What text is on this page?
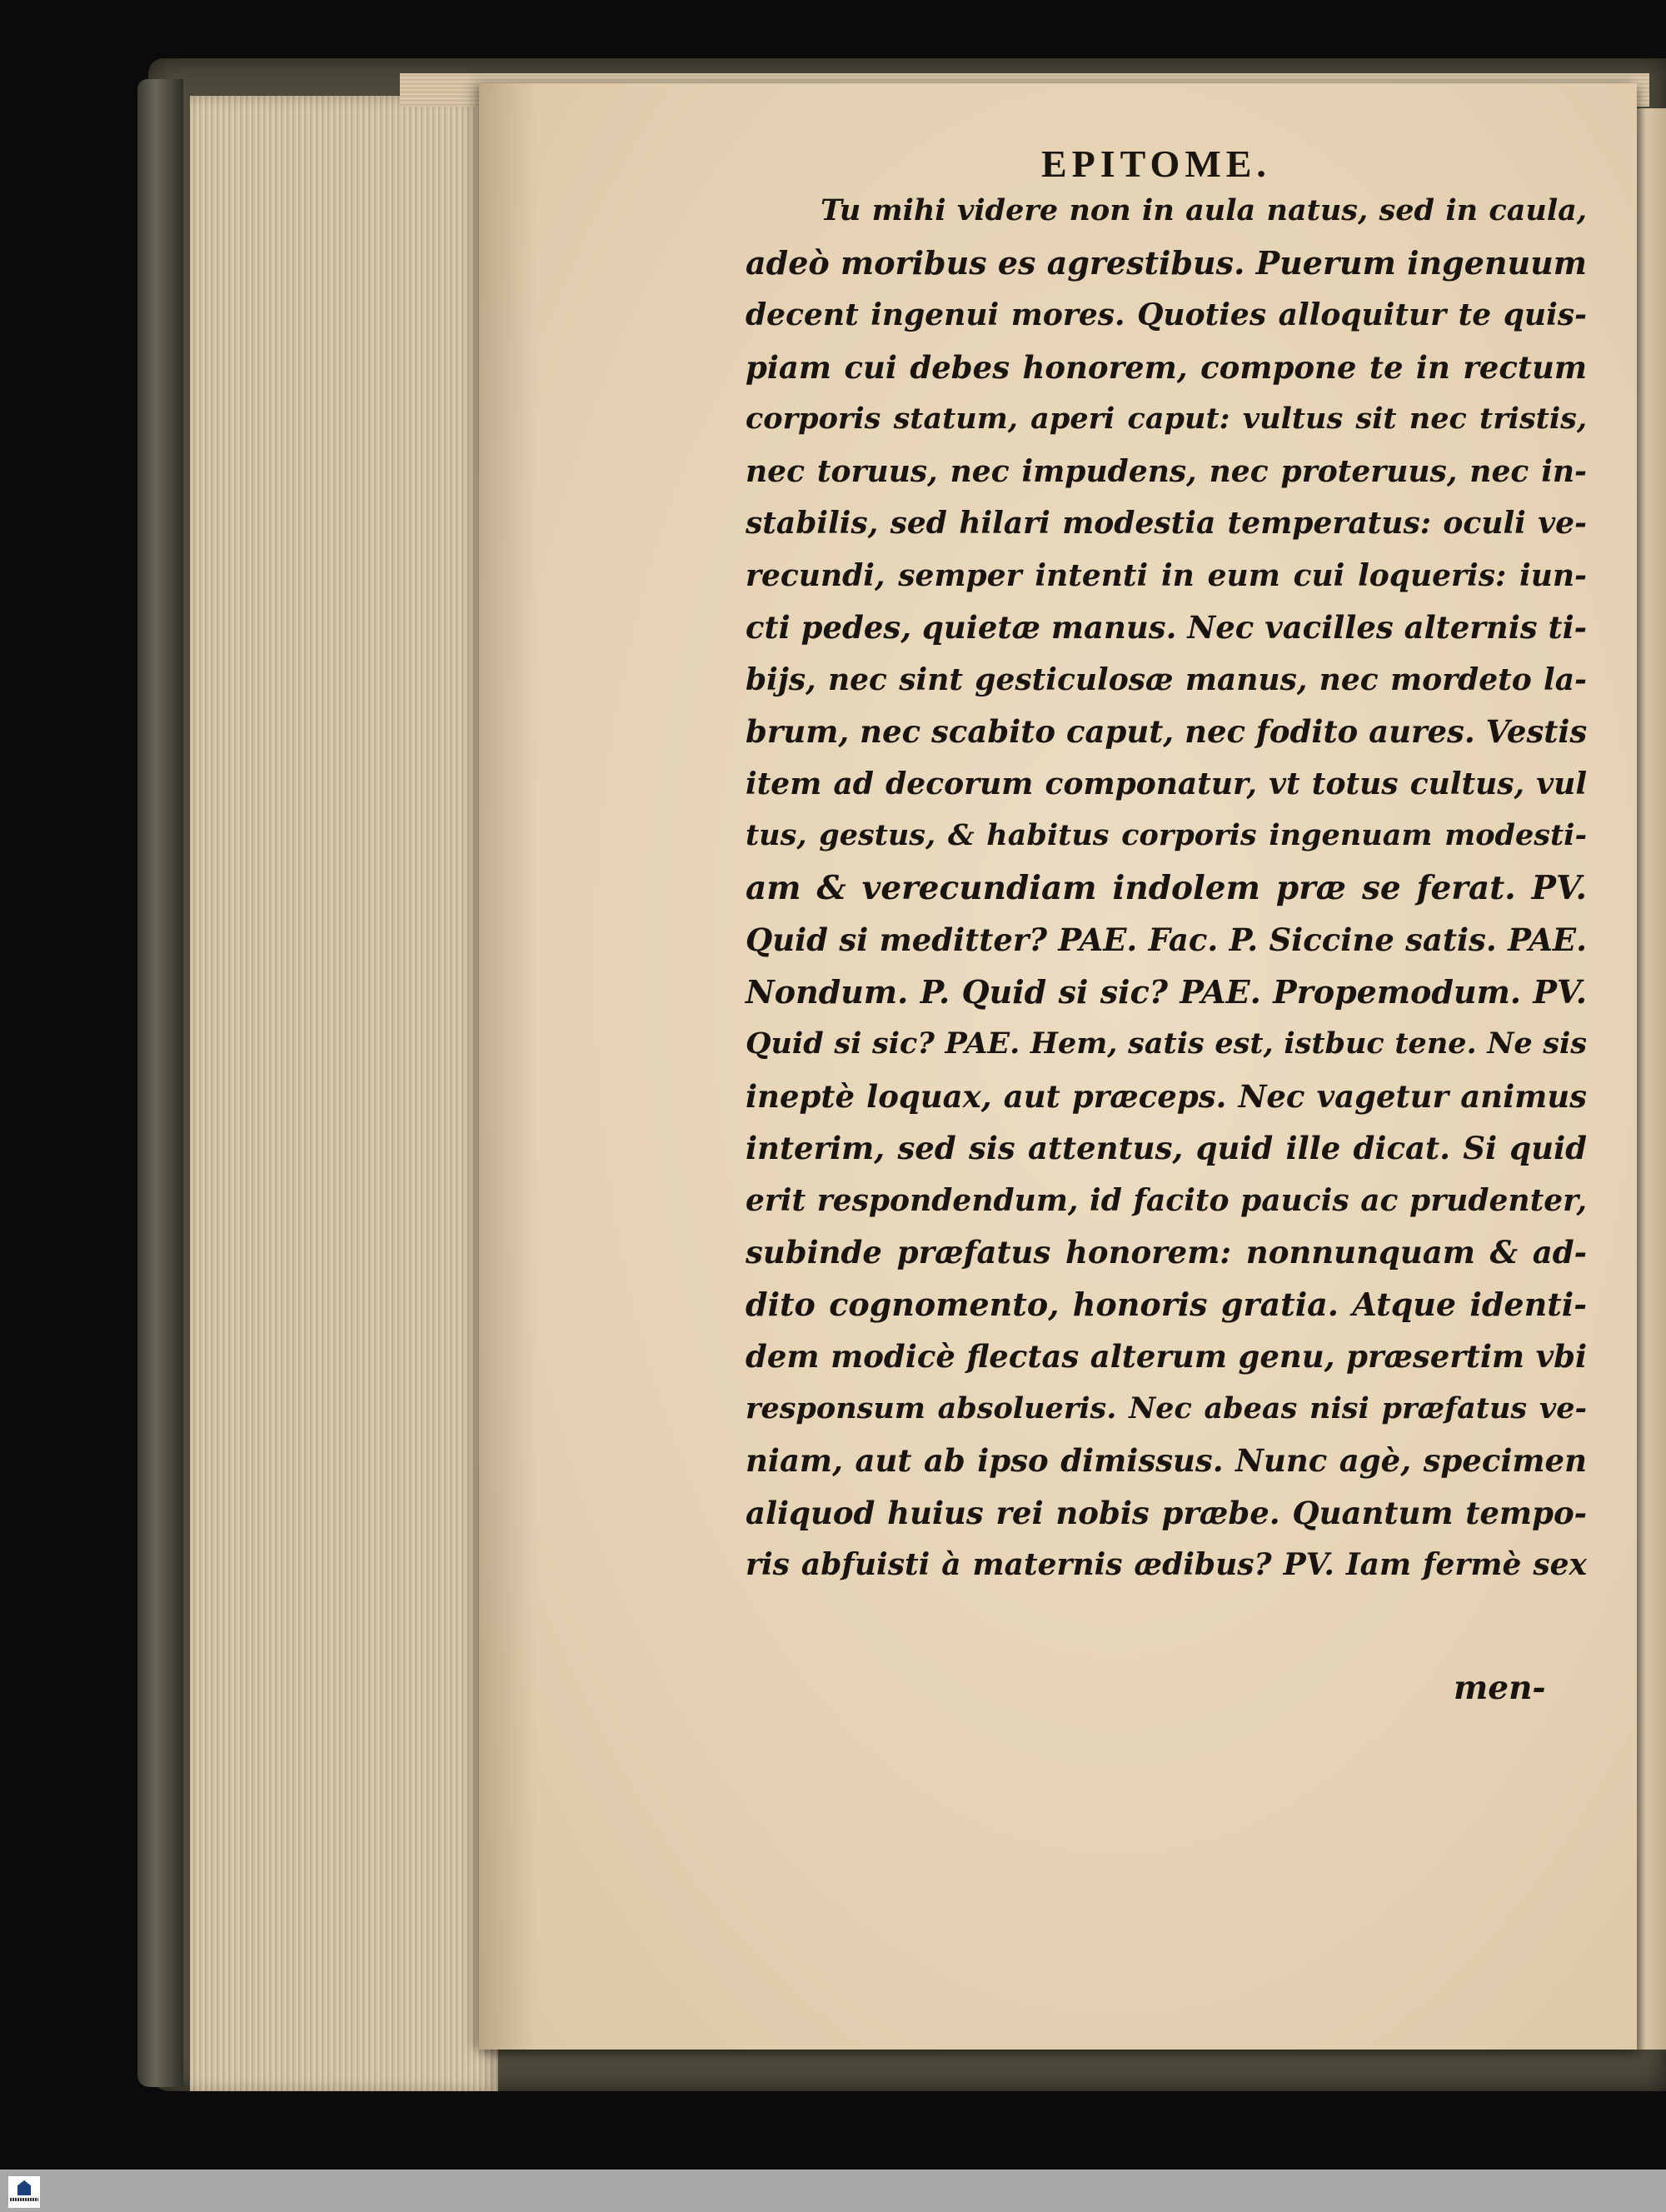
EPITOME.
Tu mihi videre non in aula natus, sed in caula,
adeò moribus es agrestibus. Puerum ingenuum
decent ingenui mores. Quoties alloquitur te quis-
piam cui debes honorem, compone te in rectum
corporis statum, aperi caput: vultus sit nec tristis,
nec toruus, nec impudens, nec proteruus, nec in-
stabilis, sed hilari modestia temperatus: oculi ve-
recundi, semper intenti in eum cui loqueris: iun-
cti pedes, quietæ manus. Nec vacilles alternis ti-
bijs, nec sint gesticulosæ manus, nec mordeto la-
brum, nec scabito caput, nec fodito aures. Vestis
item ad decorum componatur, vt totus cultus, vul
tus, gestus, & habitus corporis ingenuam modesti-
am & verecundiam indolem præ se ferat. PV.
Quid si meditter? PAE. Fac. P. Siccine satis. PAE.
Nondum. P. Quid si sic? PAE. Propemodum. PV.
Quid si sic? PAE. Hem, satis est, istbuc tene. Ne sis
ineptè loquax, aut præceps. Nec vagetur animus
interim, sed sis attentus, quid ille dicat. Si quid
erit respondendum, id facito paucis ac prudenter,
subinde præfatus honorem: nonnunquam & ad-
dito cognomento, honoris gratia. Atque identi-
dem modicè flectas alterum genu, præsertim vbi
responsum absolueris. Nec abeas nisi præfatus ve-
niam, aut ab ipso dimissus. Nunc agè, specimen
aliquod huius rei nobis præbe. Quantum tempo-
ris abfuisti à maternis ædibus? PV. Iam fermè sex
men-
